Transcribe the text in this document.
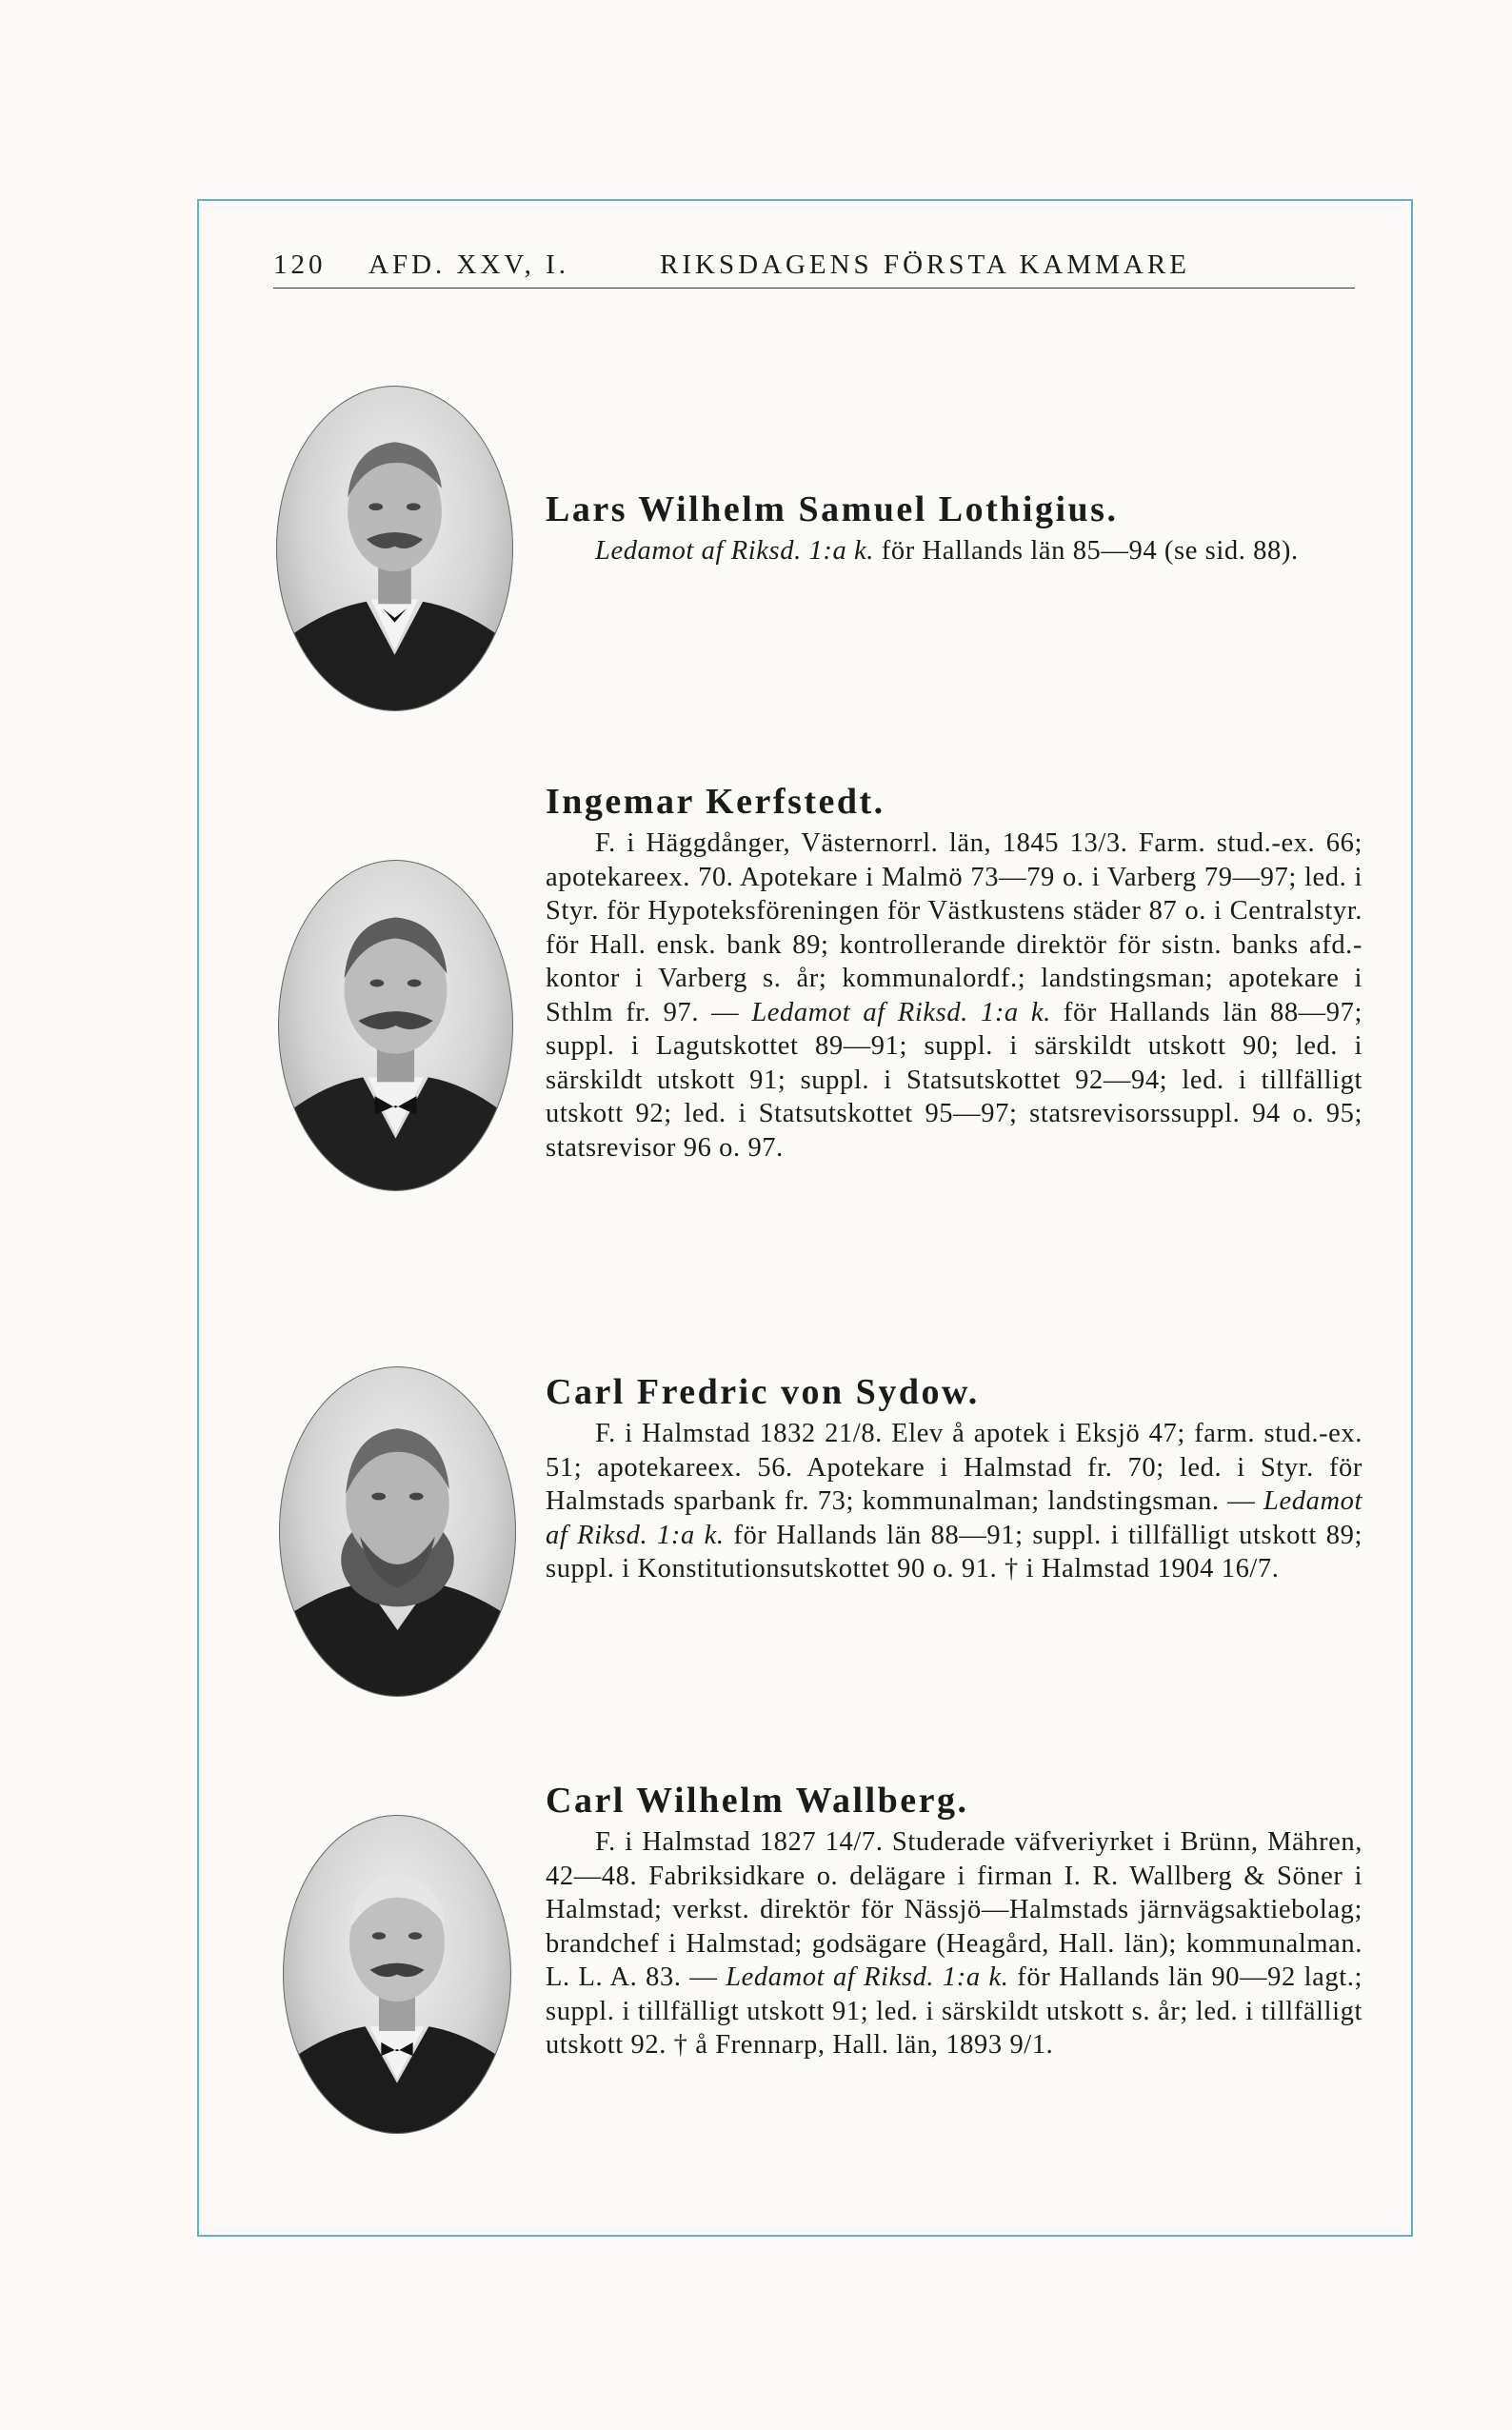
120 AFD. XXV, I.	RIKSDAGENS FÖRSTA KAMMARE
Lars Wilhelm Samuel Lothigius.

Ledamot af Riksd. 1:a k. för Hallands län 85—94 (se sid. 88).

Ingemar Kerfstedt.

F. i Häggdånger, Västernorrl. län, 1845 13/3. Farm. stud.-ex. 66; apotekareex. 70. Apotekare i Malmö 73—79 o. i Varberg 79—97; led. i Styr. för Hypoteksföreningen för Västkustens städer 87 o. i Centralstyr. för Hall. ensk. bank 89; kontrollerande direktör för sistn. banks afd.-kontor i Varberg s. år; kommunalordf.; landstingsman; apotekare i Sthlm fr. 97. — Ledamot af Riksd. 1:a k. för Hallands län 88—97; suppl. i Lagutskottet 89—91; suppl. i särskildt utskott 90; led. i särskildt utskott 91; suppl. i Statsutskottet 92—94; led. i tillfälligt utskott 92; led. i Statsutskottet 95—97; statsrevisorssuppl. 94 o. 95; statsrevisor 96 o. 97.

Carl Fredric von Sydow.

F. i Halmstad 1832 21/8. Elev å apotek i Eksjö 47; farm. stud.-ex. 51; apotekareex. 56. Apotekare i Halmstad fr. 70; led. i Styr. för Halmstads sparbank fr. 73; kommunalman; landstingsman. — Ledamot af Riksd. 1:a k. för Hallands län 88—91; suppl. i tillfälligt utskott 89; suppl. i Konstitutionsutskottet 90 o. 91. † i Halmstad 1904 16/7.

Carl Wilhelm Wallberg.

F. i Halmstad 1827 14/7. Studerade väfveriyrket i Brünn, Mähren, 42—48. Fabriksidkare o. delägare i firman I. R. Wallberg & Söner i Halmstad; verkst. direktör för Nässjö—Halmstads järnvägsaktiebolag; brandchef i Halmstad; godsägare (Heagård, Hall. län); kommunalman. L. L. A. 83. — Ledamot af Riksd. 1:a k. för Hallands län 90—92 lagt.; suppl. i tillfälligt utskott 91; led. i särskildt utskott s. år; led. i tillfälligt utskott 92. † å Frennarp, Hall. län, 1893 9/1.
